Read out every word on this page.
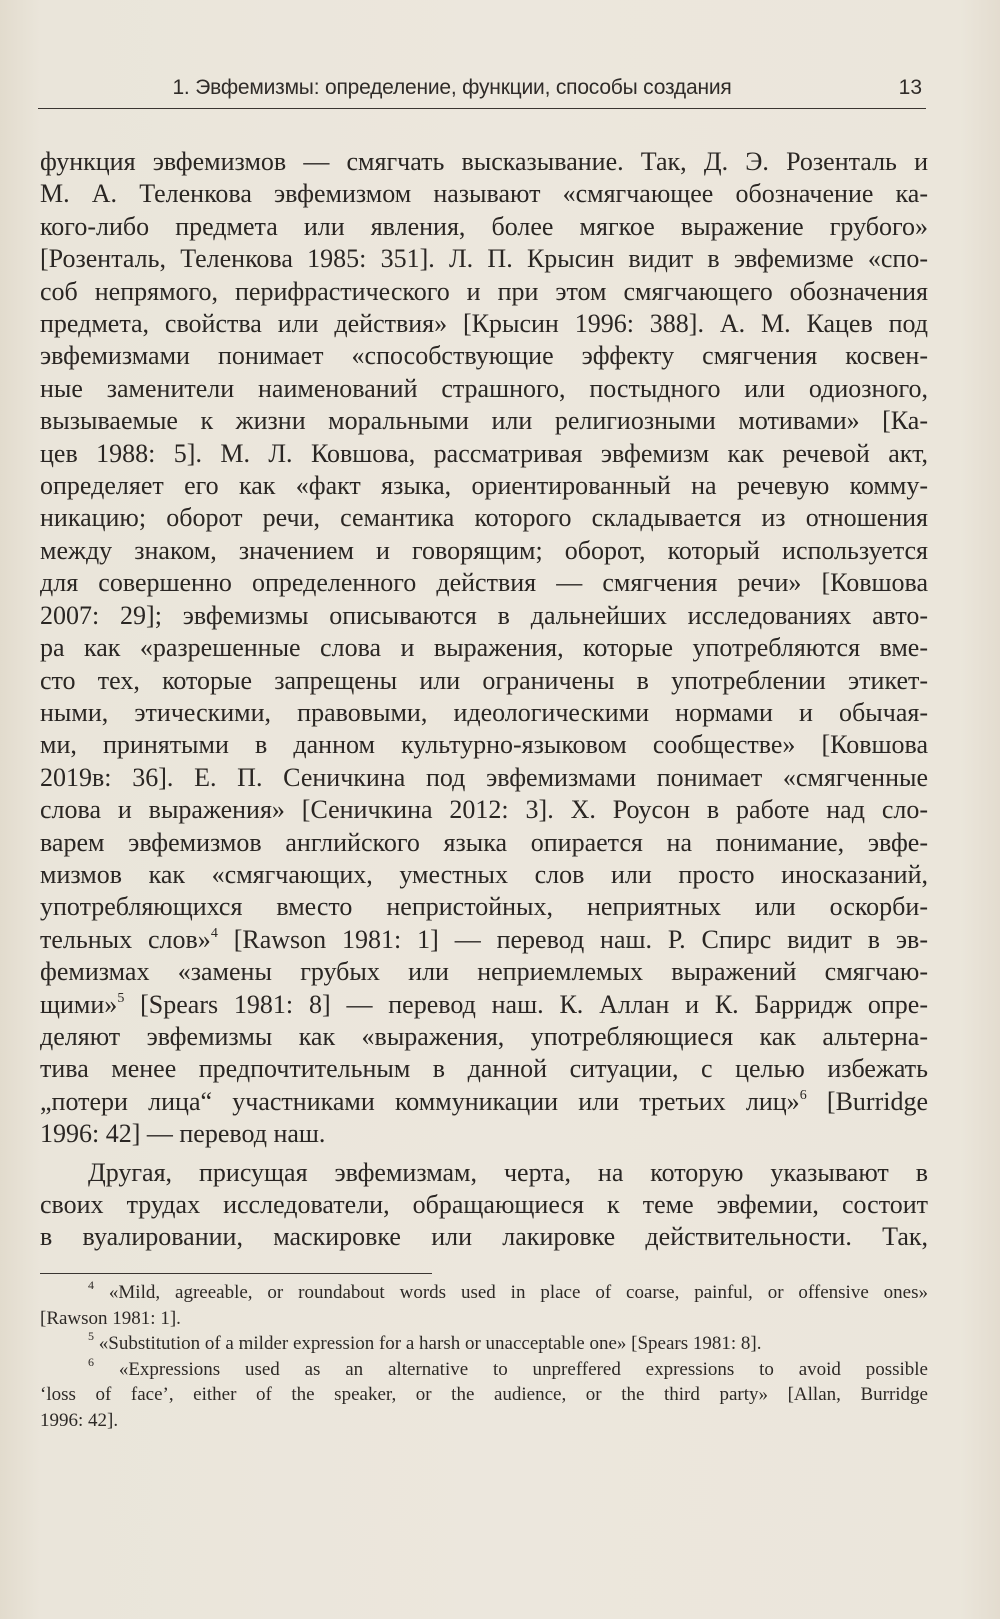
1. Эвфемизмы: определение, функции, способы создания	13

функция эвфемизмов — смягчать высказывание. Так, Д. Э. Розенталь и
М. А. Теленкова эвфемизмом называют «смягчающее обозначение ка-
кого-либо предмета или явления, более мягкое выражение грубого»
[Розенталь, Теленкова 1985: 351]. Л. П. Крысин видит в эвфемизме «спо-
соб непрямого, перифрастического и при этом смягчающего обозначения
предмета, свойства или действия» [Крысин 1996: 388]. А. М. Кацев под
эвфемизмами понимает «способствующие эффекту смягчения косвен-
ные заменители наименований страшного, постыдного или одиозного,
вызываемые к жизни моральными или религиозными мотивами» [Ка-
цев 1988: 5]. М. Л. Ковшова, рассматривая эвфемизм как речевой акт,
определяет его как «факт языка, ориентированный на речевую комму-
никацию; оборот речи, семантика которого складывается из отношения
между знаком, значением и говорящим; оборот, который используется
для совершенно определенного действия — смягчения речи» [Ковшова
2007: 29]; эвфемизмы описываются в дальнейших исследованиях авто-
ра как «разрешенные слова и выражения, которые употребляются вме-
сто тех, которые запрещены или ограничены в употреблении этикет-
ными, этическими, правовыми, идеологическими нормами и обычая-
ми, принятыми в данном культурно-языковом сообществе» [Ковшова
2019в: 36]. Е. П. Сеничкина под эвфемизмами понимает «смягченные
слова и выражения» [Сеничкина 2012: 3]. Х. Роусон в работе над сло-
варем эвфемизмов английского языка опирается на понимание, эвфе-
мизмов как «смягчающих, уместных слов или просто иносказаний,
употребляющихся вместо непристойных, неприятных или оскорби-
тельных слов»$^4$ [Rawson 1981: 1] — перевод наш. Р. Спирс видит в эв-
фемизмах «замены грубых или неприемлемых выражений смягчаю-
щими»$^5$ [Spears 1981: 8] — перевод наш. К. Аллан и К. Барридж опре-
деляют эвфемизмы как «выражения, употребляющиеся как альтерна-
тива менее предпочтительным в данной ситуации, с целью избежать
„потери лица“ участниками коммуникации или третьих лиц»$^6$ [Burridge
1996: 42] — перевод наш.

Другая, присущая эвфемизмам, черта, на которую указывают в
своих трудах исследователи, обращающиеся к теме эвфемии, состоит
в вуалировании, маскировке или лакировке действительности. Так,

$^4$ «Mild, agreeable, or roundabout words used in place of coarse, painful, or offensive ones»
[Rawson 1981: 1].

$^5$ «Substitution of a milder expression for a harsh or unacceptable one» [Spears 1981: 8].

$^6$ «Expressions used as an alternative to unpreffered expressions to avoid possible
‘loss of face’, either of the speaker, or the audience, or the third party» [Allan, Burridge
1996: 42].
